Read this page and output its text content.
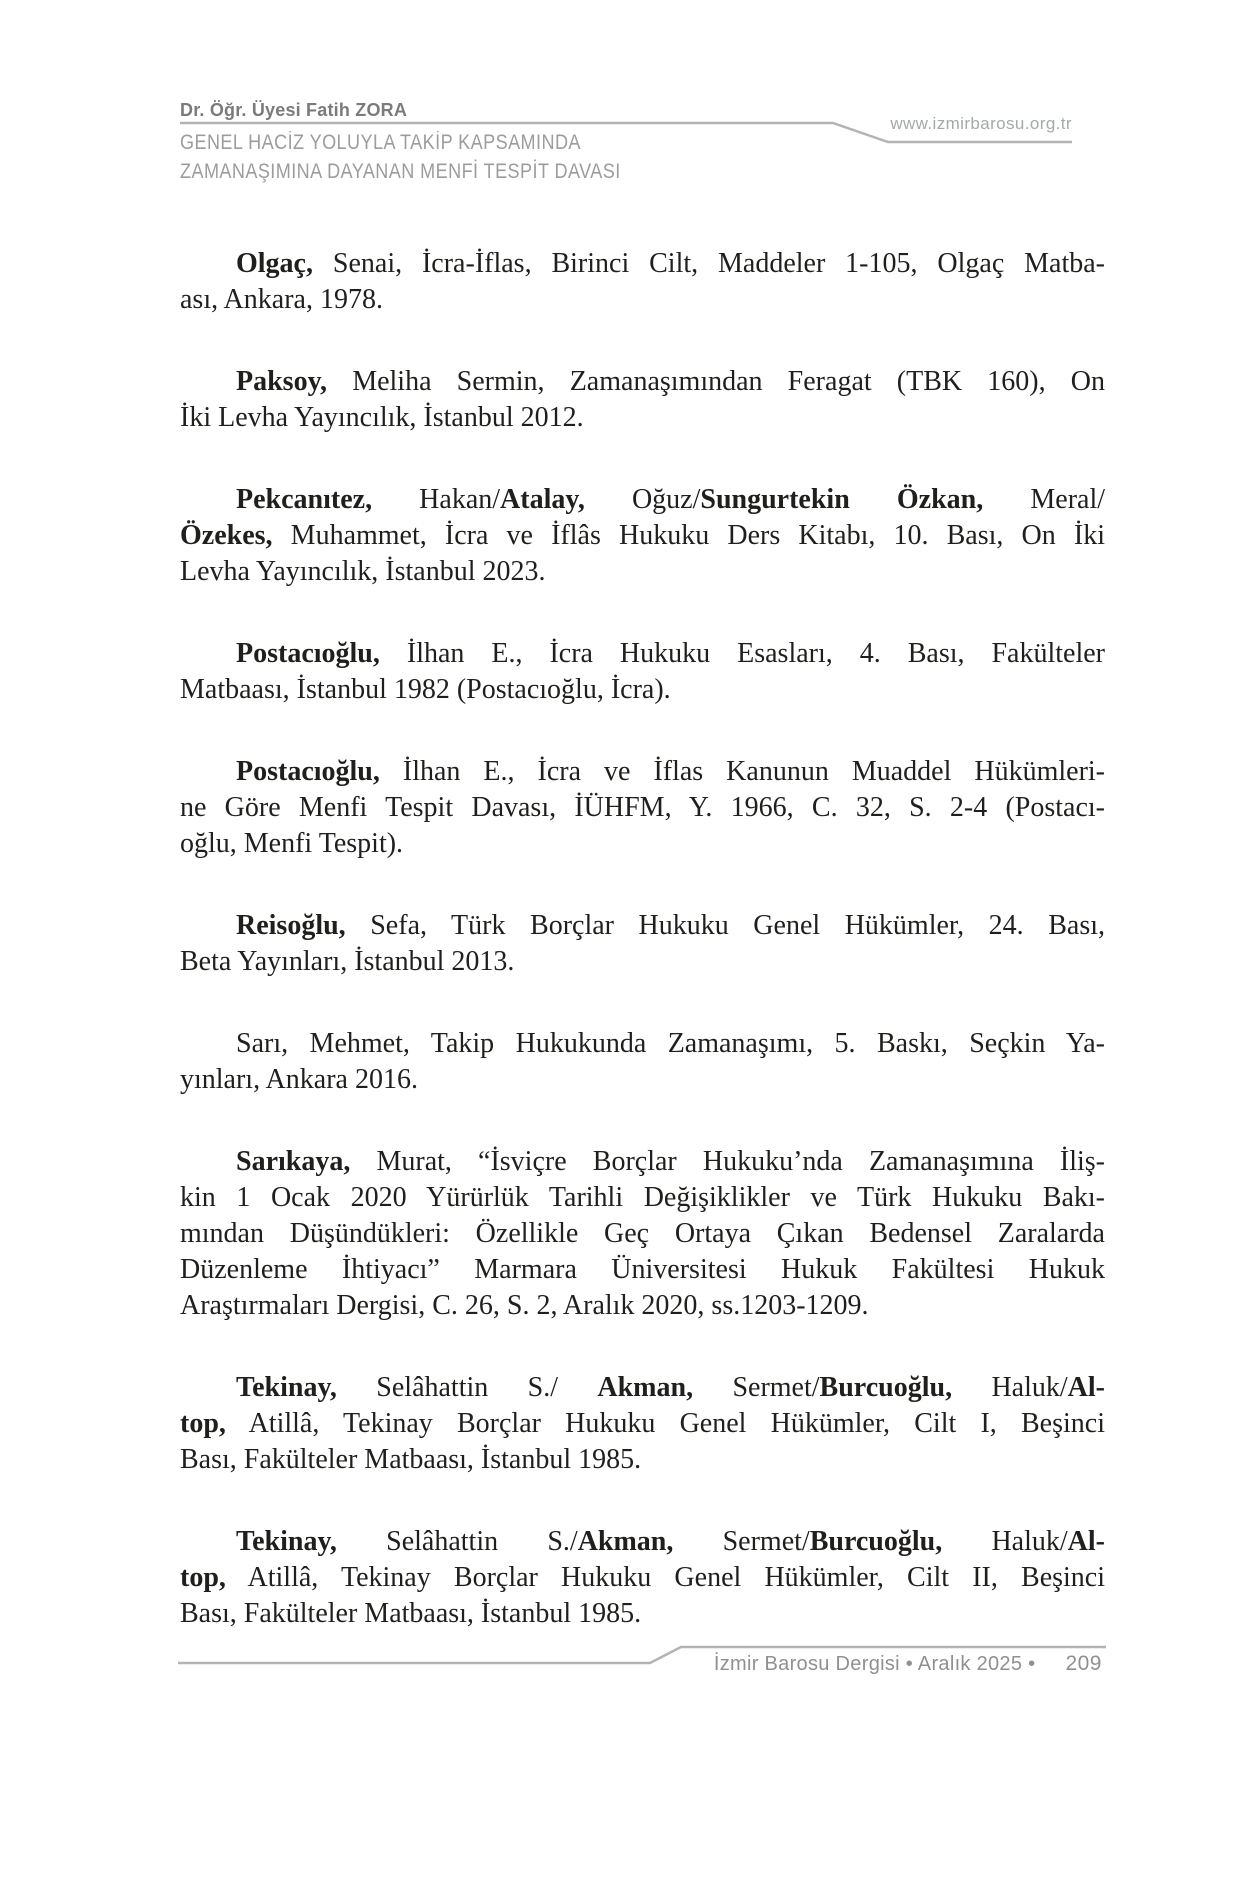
Dr. Öğr. Üyesi Fatih ZORA
www.izmirbarosu.org.tr
GENEL HACİZ YOLUYLA TAKİP KAPSAMINDA
ZAMANAŞIMINA DAYANAN MENFİ TESPİT DAVASI
Olgaç, Senai, İcra-İflas, Birinci Cilt, Maddeler 1-105, Olgaç Matba-
ası, Ankara, 1978.
Paksoy, Meliha Sermin, Zamanaşımından Feragat (TBK 160), On
İki Levha Yayıncılık, İstanbul 2012.
Pekcanıtez, Hakan/Atalay, Oğuz/Sungurtekin Özkan, Meral/
Özekes, Muhammet, İcra ve İflâs Hukuku Ders Kitabı, 10. Bası, On İki
Levha Yayıncılık, İstanbul 2023.
Postacıoğlu, İlhan E., İcra Hukuku Esasları, 4. Bası, Fakülteler
Matbaası, İstanbul 1982 (Postacıoğlu, İcra).
Postacıoğlu, İlhan E., İcra ve İflas Kanunun Muaddel Hükümleri-
ne Göre Menfi Tespit Davası, İÜHFM, Y. 1966, C. 32, S. 2-4 (Postacı-
oğlu, Menfi Tespit).
Reisoğlu, Sefa, Türk Borçlar Hukuku Genel Hükümler, 24. Bası,
Beta Yayınları, İstanbul 2013.
Sarı, Mehmet, Takip Hukukunda Zamanaşımı, 5. Baskı, Seçkin Ya-
yınları, Ankara 2016.
Sarıkaya, Murat, “İsviçre Borçlar Hukuku’nda Zamanaşımına İliş-
kin 1 Ocak 2020 Yürürlük Tarihli Değişiklikler ve Türk Hukuku Bakı-
mından Düşündükleri: Özellikle Geç Ortaya Çıkan Bedensel Zaralarda
Düzenleme İhtiyacı” Marmara Üniversitesi Hukuk Fakültesi Hukuk
Araştırmaları Dergisi, C. 26, S. 2, Aralık 2020, ss.1203-1209.
Tekinay, Selâhattin S./ Akman, Sermet/Burcuoğlu, Haluk/Al-
top, Atillâ, Tekinay Borçlar Hukuku Genel Hükümler, Cilt I, Beşinci
Bası, Fakülteler Matbaası, İstanbul 1985.
Tekinay, Selâhattin S./Akman, Sermet/Burcuoğlu, Haluk/Al-
top, Atillâ, Tekinay Borçlar Hukuku Genel Hükümler, Cilt II, Beşinci
Bası, Fakülteler Matbaası, İstanbul 1985.
İzmir Barosu Dergisi • Aralık 2025 • 209
